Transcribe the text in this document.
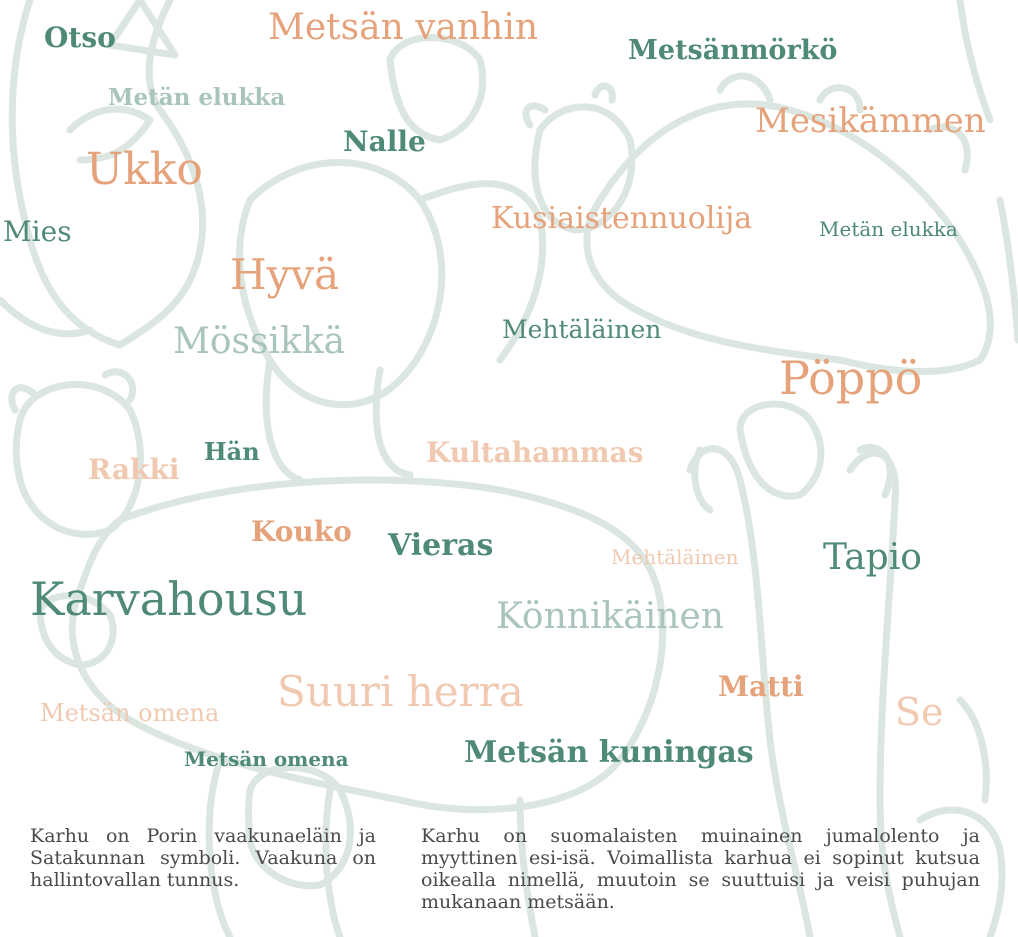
Otso	Metsän vanhin
Metsänmörkö
Metän elukka
Mesikämmen
Nalle
Ukko
Kusiaistennuolija
Mies	Metän elukka
Hyvä
Mehtäläinen
Mössikkä
Pöppö
Hän	Kultahammas
Rakki
Kouko Vieras	Mehtäläinen Tapio
Karvahousu	Könnikäinen
Suuri herra	Matti
Metsän omena	Se
Metsän omena	Metsän kuningas
Karhu on Porin vaakunaeläin ja Satakunnan symboli. Vaakuna on hallintovallan tunnus.
Karhu on suomalaisten muinainen jumalolento ja myyttinen esi-isä. Voimallista karhua ei sopinut kutsua oikealla nimellä, muutoin se suuttuisi ja veisi puhujan mukanaan metsään.
